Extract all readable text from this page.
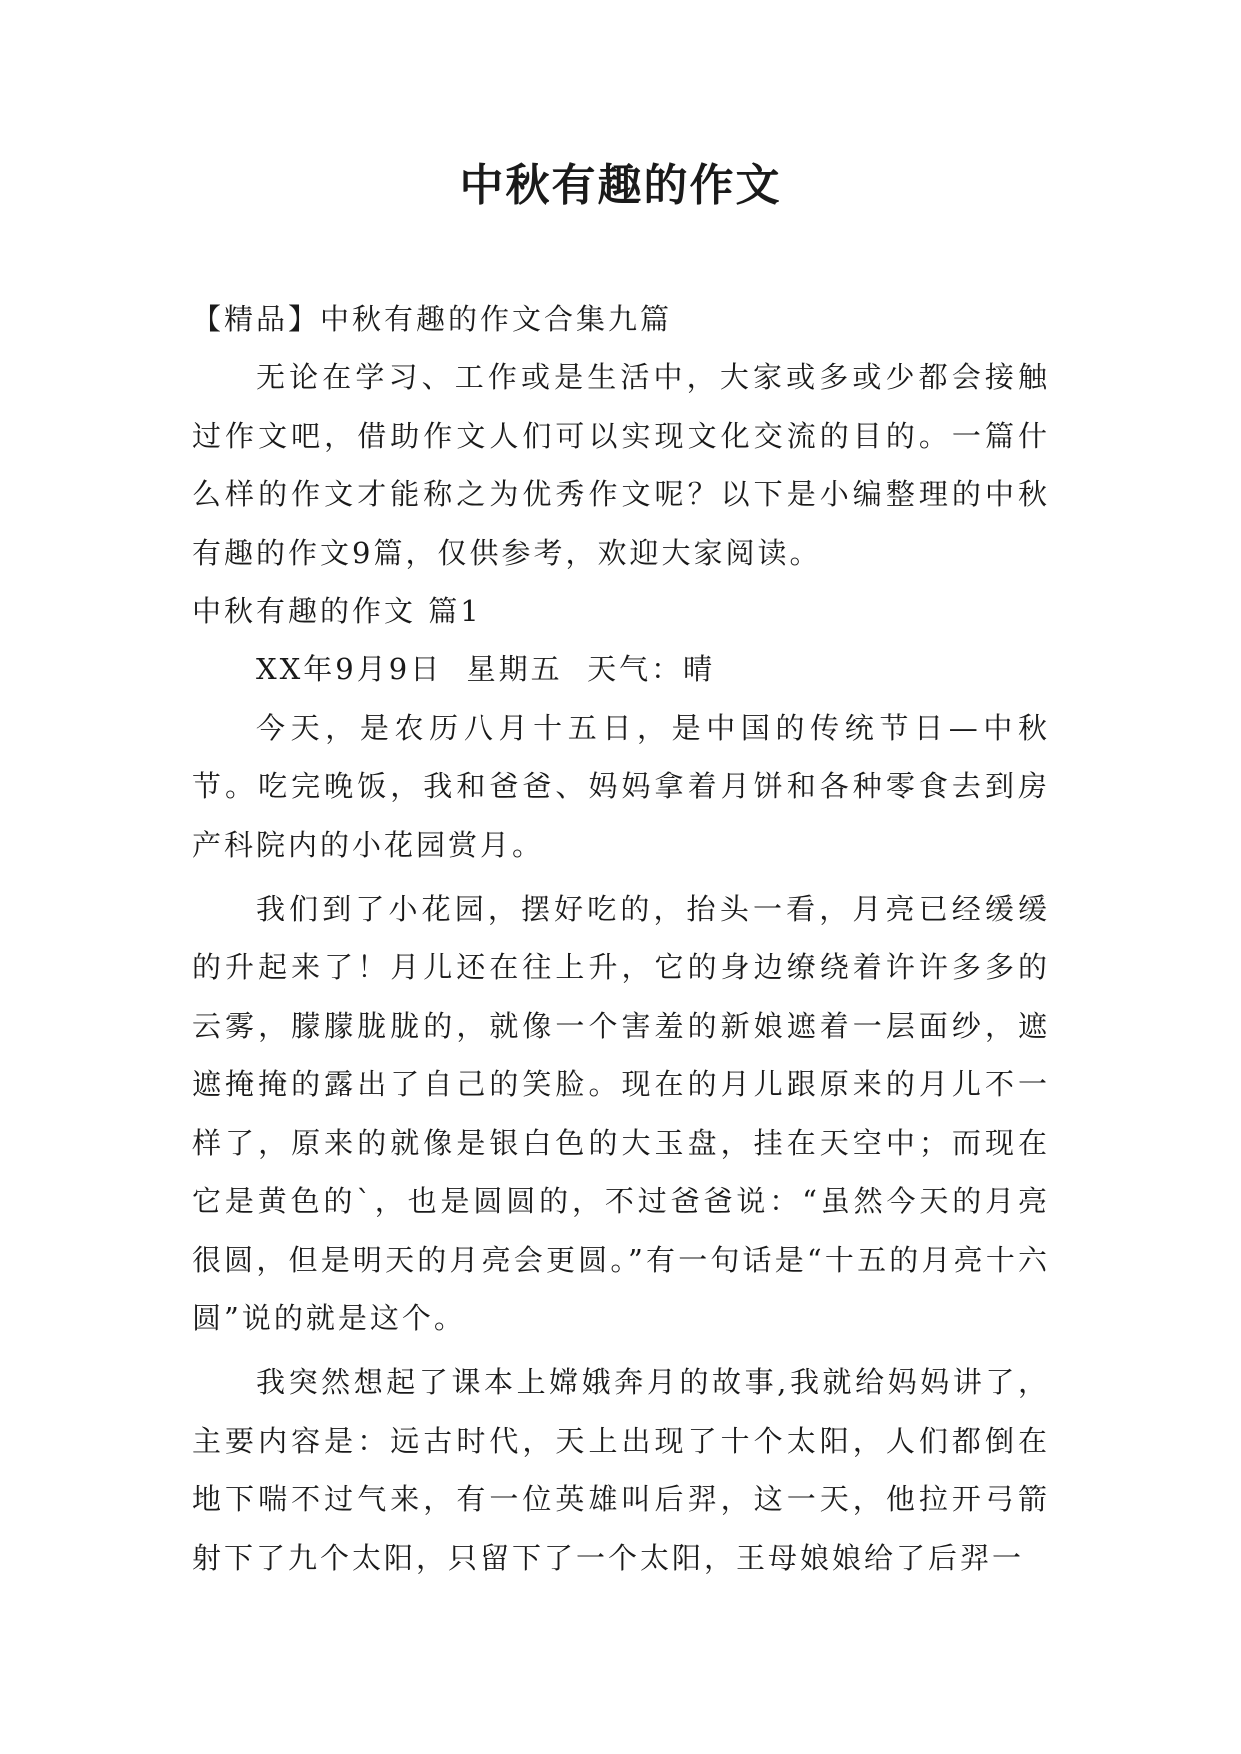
中秋有趣的作文

【精品】中秋有趣的作文合集九篇

无论在学习、工作或是生活中，大家或多或少都会接触过作文吧，借助作文人们可以实现文化交流的目的。一篇什么样的作文才能称之为优秀作文呢？以下是小编整理的中秋有趣的作文9篇，仅供参考，欢迎大家阅读。

中秋有趣的作文 篇1

XX年9月9日  星期五  天气：晴

今天，是农历八月十五日，是中国的传统节日—中秋节。吃完晚饭，我和爸爸、妈妈拿着月饼和各种零食去到房产科院内的小花园赏月。

我们到了小花园，摆好吃的，抬头一看，月亮已经缓缓的升起来了！月儿还在往上升，它的身边缭绕着许许多多的云雾，朦朦胧胧的，就像一个害羞的新娘遮着一层面纱，遮遮掩掩的露出了自己的笑脸。现在的月儿跟原来的月儿不一样了，原来的就像是银白色的大玉盘，挂在天空中；而现在它是黄色的`，也是圆圆的，不过爸爸说：“虽然今天的月亮很圆，但是明天的月亮会更圆。”有一句话是“十五的月亮十六圆”说的就是这个。

我突然想起了课本上嫦娥奔月的故事,我就给妈妈讲了，主要内容是：远古时代，天上出现了十个太阳，人们都倒在地下喘不过气来，有一位英雄叫后羿，这一天，他拉开弓箭射下了九个太阳，只留下了一个太阳，王母娘娘给了后羿一
